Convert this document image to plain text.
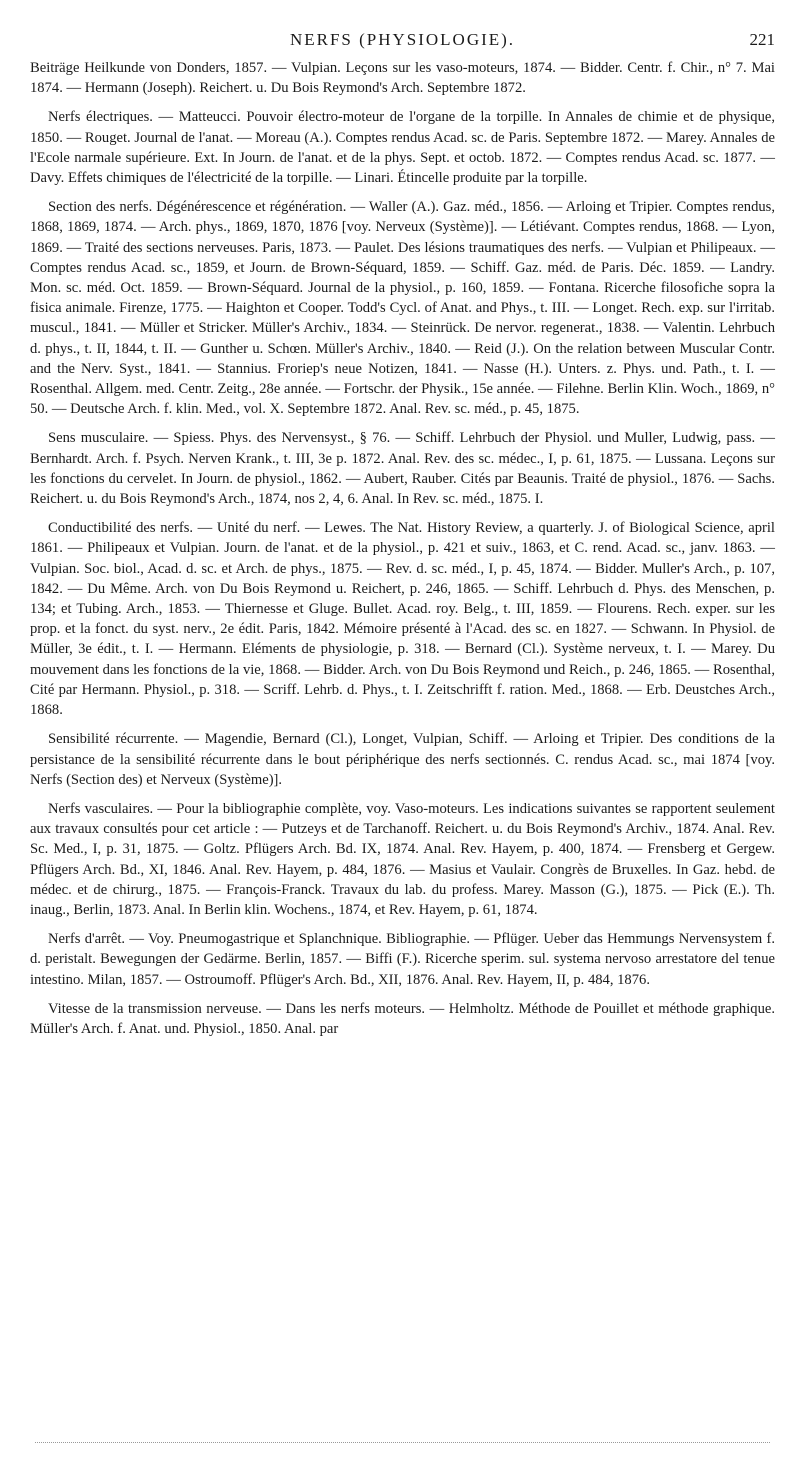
NERFS (PHYSIOLOGIE).	221

Beiträge Heilkunde von Donders, 1857. — Vulpian. Leçons sur les vaso-moteurs, 1874. — Bidder. Centr. f. Chir., n° 7. Mai 1874. — Hermann (Joseph). Reichert. u. Du Bois Reymond's Arch. Septembre 1872.

Nerfs électriques. — Matteucci. Pouvoir électro-moteur de l'organe de la torpille. In Annales de chimie et de physique, 1850. — Rouget. Journal de l'anat. — Moreau (A.). Comptes rendus Acad. sc. de Paris. Septembre 1872. — Marey. Annales de l'Ecole narmale supérieure. Ext. In Journ. de l'anat. et de la phys. Sept. et octob. 1872. — Comptes rendus Acad. sc. 1877. — Davy. Effets chimiques de l'électricité de la torpille. — Linari. Étincelle produite par la torpille.

Section des nerfs. Dégénérescence et régénération. — Waller (A.). Gaz. méd., 1856. — Arloing et Tripier. Comptes rendus, 1868, 1869, 1874. — Arch. phys., 1869, 1870, 1876 [voy. Nerveux (Système)]. — Létiévant. Comptes rendus, 1868. — Lyon, 1869. — Traité des sections nerveuses. Paris, 1873. — Paulet. Des lésions traumatiques des nerfs. — Vulpian et Philipeaux. — Comptes rendus Acad. sc., 1859, et Journ. de Brown-Séquard, 1859. — Schiff. Gaz. méd. de Paris. Déc. 1859. — Landry. Mon. sc. méd. Oct. 1859. — Brown-Séquard. Journal de la physiol., p. 160, 1859. — Fontana. Ricerche filosofiche sopra la fisica animale. Firenze, 1775. — Haighton et Cooper. Todd's Cycl. of Anat. and Phys., t. III. — Longet. Rech. exp. sur l'irritab. muscul., 1841. — Müller et Stricker. Müller's Archiv., 1834. — Steinrück. De nervor. regenerat., 1838. — Valentin. Lehrbuch d. phys., t. II, 1844, t. II. — Gunther u. Schœn. Müller's Archiv., 1840. — Reid (J.). On the relation between Muscular Contr. and the Nerv. Syst., 1841. — Stannius. Froriep's neue Notizen, 1841. — Nasse (H.). Unters. z. Phys. und. Path., t. I. — Rosenthal. Allgem. med. Centr. Zeitg., 28e année. — Fortschr. der Physik., 15e année. — Filehne. Berlin Klin. Woch., 1869, n° 50. — Deutsche Arch. f. klin. Med., vol. X. Septembre 1872. Anal. Rev. sc. méd., p. 45, 1875.

Sens musculaire. — Spiess. Phys. des Nervensyst., § 76. — Schiff. Lehrbuch der Physiol. und Muller, Ludwig, pass. — Bernhardt. Arch. f. Psych. Nerven Krank., t. III, 3e p. 1872. Anal. Rev. des sc. médec., I, p. 61, 1875. — Lussana. Leçons sur les fonctions du cervelet. In Journ. de physiol., 1862. — Aubert, Rauber. Cités par Beaunis. Traité de physiol., 1876. — Sachs. Reichert. u. du Bois Reymond's Arch., 1874, nos 2, 4, 6. Anal. In Rev. sc. méd., 1875. I.

Conductibilité des nerfs. — Unité du nerf. — Lewes. The Nat. History Review, a quarterly. J. of Biological Science, april 1861. — Philipeaux et Vulpian. Journ. de l'anat. et de la physiol., p. 421 et suiv., 1863, et C. rend. Acad. sc., janv. 1863. — Vulpian. Soc. biol., Acad. d. sc. et Arch. de phys., 1875. — Rev. d. sc. méd., I, p. 45, 1874. — Bidder. Muller's Arch., p. 107, 1842. — Du Même. Arch. von Du Bois Reymond u. Reichert, p. 246, 1865. — Schiff. Lehrbuch d. Phys. des Menschen, p. 134; et Tubing. Arch., 1853. — Thiernesse et Gluge. Bullet. Acad. roy. Belg., t. III, 1859. — Flourens. Rech. exper. sur les prop. et la fonct. du syst. nerv., 2e édit. Paris, 1842. Mémoire présenté à l'Acad. des sc. en 1827. — Schwann. In Physiol. de Müller, 3e édit., t. I. — Hermann. Eléments de physiologie, p. 318. — Bernard (Cl.). Système nerveux, t. I. — Marey. Du mouvement dans les fonctions de la vie, 1868. — Bidder. Arch. von Du Bois Reymond und Reich., p. 246, 1865. — Rosenthal, Cité par Hermann. Physiol., p. 318. — Scriff. Lehrb. d. Phys., t. I. Zeitschrifft f. ration. Med., 1868. — Erb. Deustches Arch., 1868.

Sensibilité récurrente. — Magendie, Bernard (Cl.), Longet, Vulpian, Schiff. — Arloing et Tripier. Des conditions de la persistance de la sensibilité récurrente dans le bout périphérique des nerfs sectionnés. C. rendus Acad. sc., mai 1874 [voy. Nerfs (Section des) et Nerveux (Système)].

Nerfs vasculaires. — Pour la bibliographie complète, voy. Vaso-moteurs. Les indications suivantes se rapportent seulement aux travaux consultés pour cet article : — Putzeys et de Tarchanoff. Reichert. u. du Bois Reymond's Archiv., 1874. Anal. Rev. Sc. Med., I, p. 31, 1875. — Goltz. Pflügers Arch. Bd. IX, 1874. Anal. Rev. Hayem, p. 400, 1874. — Frensberg et Gergew. Pflügers Arch. Bd., XI, 1846. Anal. Rev. Hayem, p. 484, 1876. — Masius et Vaulair. Congrès de Bruxelles. In Gaz. hebd. de médec. et de chirurg., 1875. — François-Franck. Travaux du lab. du profess. Marey. Masson (G.), 1875. — Pick (E.). Th. inaug., Berlin, 1873. Anal. In Berlin klin. Wochens., 1874, et Rev. Hayem, p. 61, 1874.

Nerfs d'arrêt. — Voy. Pneumogastrique et Splanchnique. Bibliographie. — Pflüger. Ueber das Hemmungs Nervensystem f. d. peristalt. Bewegungen der Gedärme. Berlin, 1857. — Biffi (F.). Ricerche sperim. sul. systema nervoso arrestatore del tenue intestino. Milan, 1857. — Ostroumoff. Pflüger's Arch. Bd., XII, 1876. Anal. Rev. Hayem, II, p. 484, 1876.

Vitesse de la transmission nerveuse. — Dans les nerfs moteurs. — Helmholtz. Méthode de Pouillet et méthode graphique. Müller's Arch. f. Anat. und. Physiol., 1850. Anal. par
